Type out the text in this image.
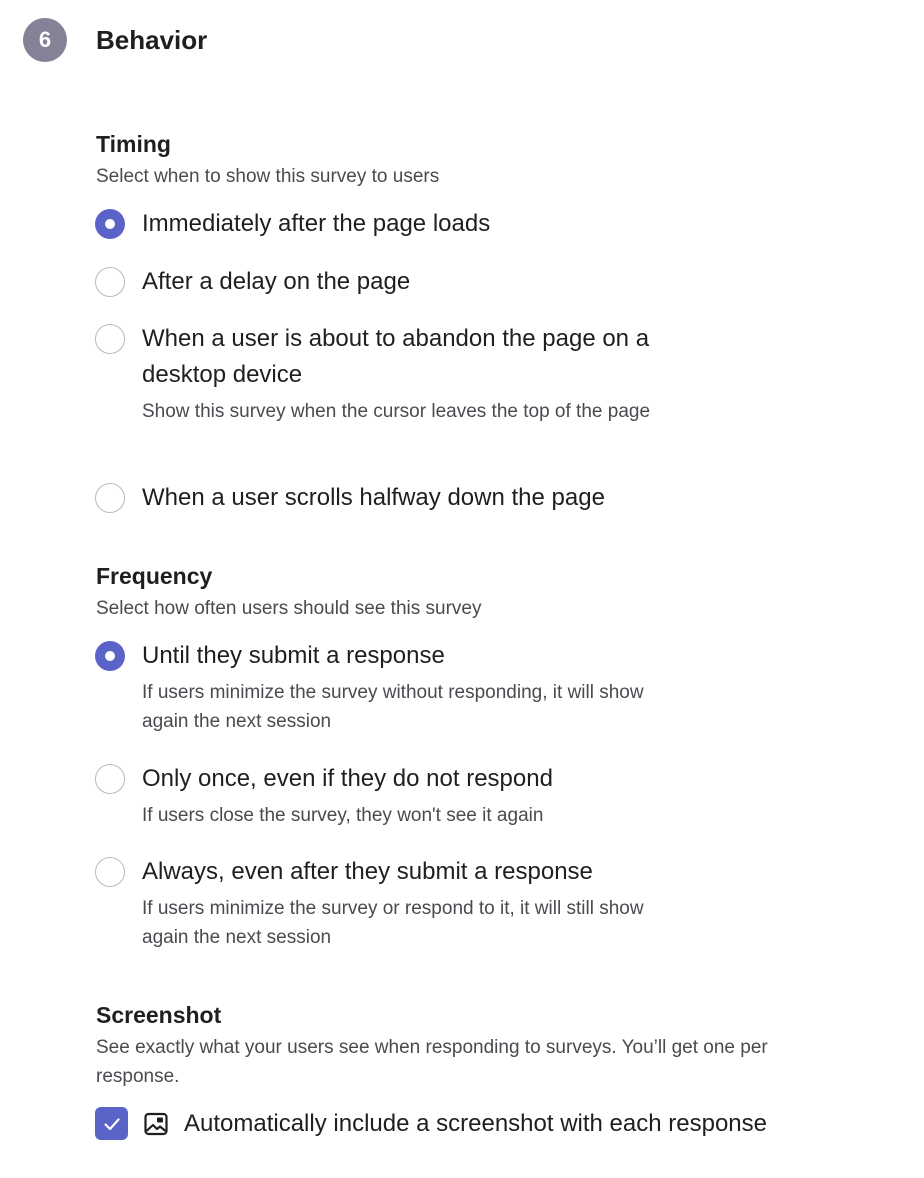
6	Behavior
Timing
Select when to show this survey to users
Immediately after the page loads
After a delay on the page
When a user is about to abandon the page on a desktop device
Show this survey when the cursor leaves the top of the page
When a user scrolls halfway down the page
Frequency
Select how often users should see this survey
Until they submit a response
If users minimize the survey without responding, it will show again the next session
Only once, even if they do not respond
If users close the survey, they won't see it again
Always, even after they submit a response
If users minimize the survey or respond to it, it will still show again the next session
Screenshot
See exactly what your users see when responding to surveys. You’ll get one per response.
Automatically include a screenshot with each response
